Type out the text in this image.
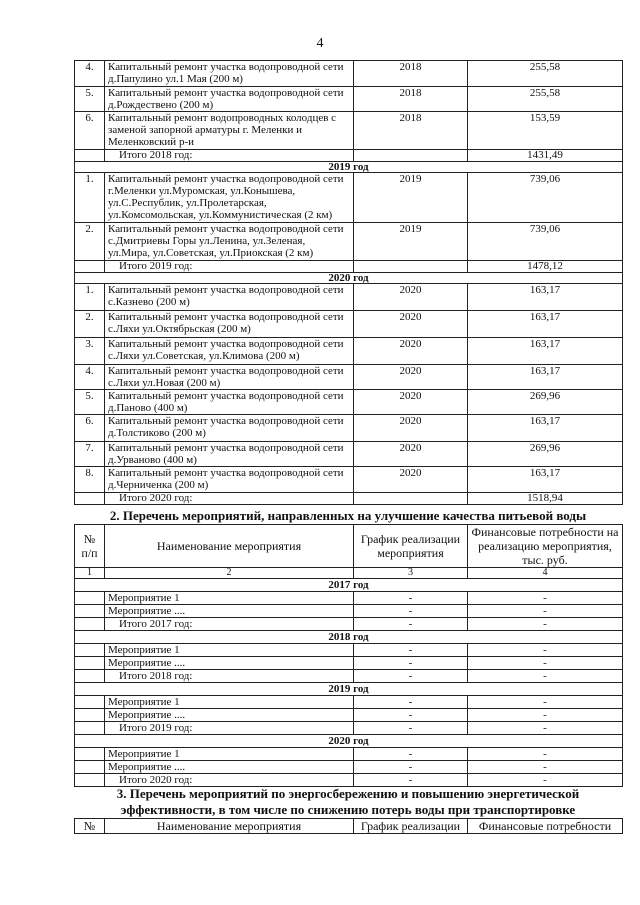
4
4.	Капитальный ремонт участка водопроводной сети д.Папулино ул.1 Мая (200 м)	2018	255,58
5.	Капитальный ремонт участка водопроводной сети д.Рождествено (200 м)	2018	255,58
6.	Капитальный ремонт водопроводных колодцев с заменой запорной арматуры г. Меленки и Меленковский р-и	2018	153,59
	Итого 2018 год:		1431,49
2019 год			
1.	Капитальный ремонт участка водопроводной сети г.Меленки ул.Муромская, ул.Конышева, ул.С.Республик, ул.Пролетарская, ул.Комсомольская, ул.Коммунистическая (2 км)	2019	739,06
2.	Капитальный ремонт участка водопроводной сети с.Дмитриевы Горы ул.Ленина, ул.Зеленая, ул.Мира, ул.Советская, ул.Приокская (2 км)	2019	739,06
	Итого 2019 год:		1478,12
2020 год			
1.	Капитальный ремонт участка водопроводной сети с.Казнево (200 м)	2020	163,17
2.	Капитальный ремонт участка водопроводной сети с.Ляхи ул.Октябрьская (200 м)	2020	163,17
3.	Капитальный ремонт участка водопроводной сети с.Ляхи ул.Советская, ул.Климова (200 м)	2020	163,17
4.	Капитальный ремонт участка водопроводной сети с.Ляхи ул.Новая (200 м)	2020	163,17
5.	Капитальный ремонт участка водопроводной сети д.Паново (400 м)	2020	269,96
6.	Капитальный ремонт участка водопроводной сети д.Толстиково (200 м)	2020	163,17
7.	Капитальный ремонт участка водопроводной сети д.Урваново (400 м)	2020	269,96
8.	Капитальный ремонт участка водопроводной сети д.Черниченка (200 м)	2020	163,17
	Итого 2020 год:		1518,94
2. Перечень мероприятий, направленных на улучшение качества питьевой воды
№ п/п	Наименование мероприятия	График реализации мероприятия	Финансовые потребности на реализацию мероприятия, тыс. руб.
1	2	3	4
2017 год			
	Мероприятие 1	-	-
	Мероприятие ....	-	-
	Итого 2017 год:	-	-
2018 год			
	Мероприятие 1	-	-
	Мероприятие ....	-	-
	Итого 2018 год:	-	-
2019 год			
	Мероприятие 1	-	-
	Мероприятие ....	-	-
	Итого 2019 год:	-	-
2020 год			
	Мероприятие 1	-	-
	Мероприятие ....	-	-
	Итого 2020 год:	-	-
3. Перечень мероприятий по энергосбережению и повышению энергетической эффективности, в том числе по снижению потерь воды при транспортировке
№	Наименование мероприятия	График реализации	Финансовые потребности
